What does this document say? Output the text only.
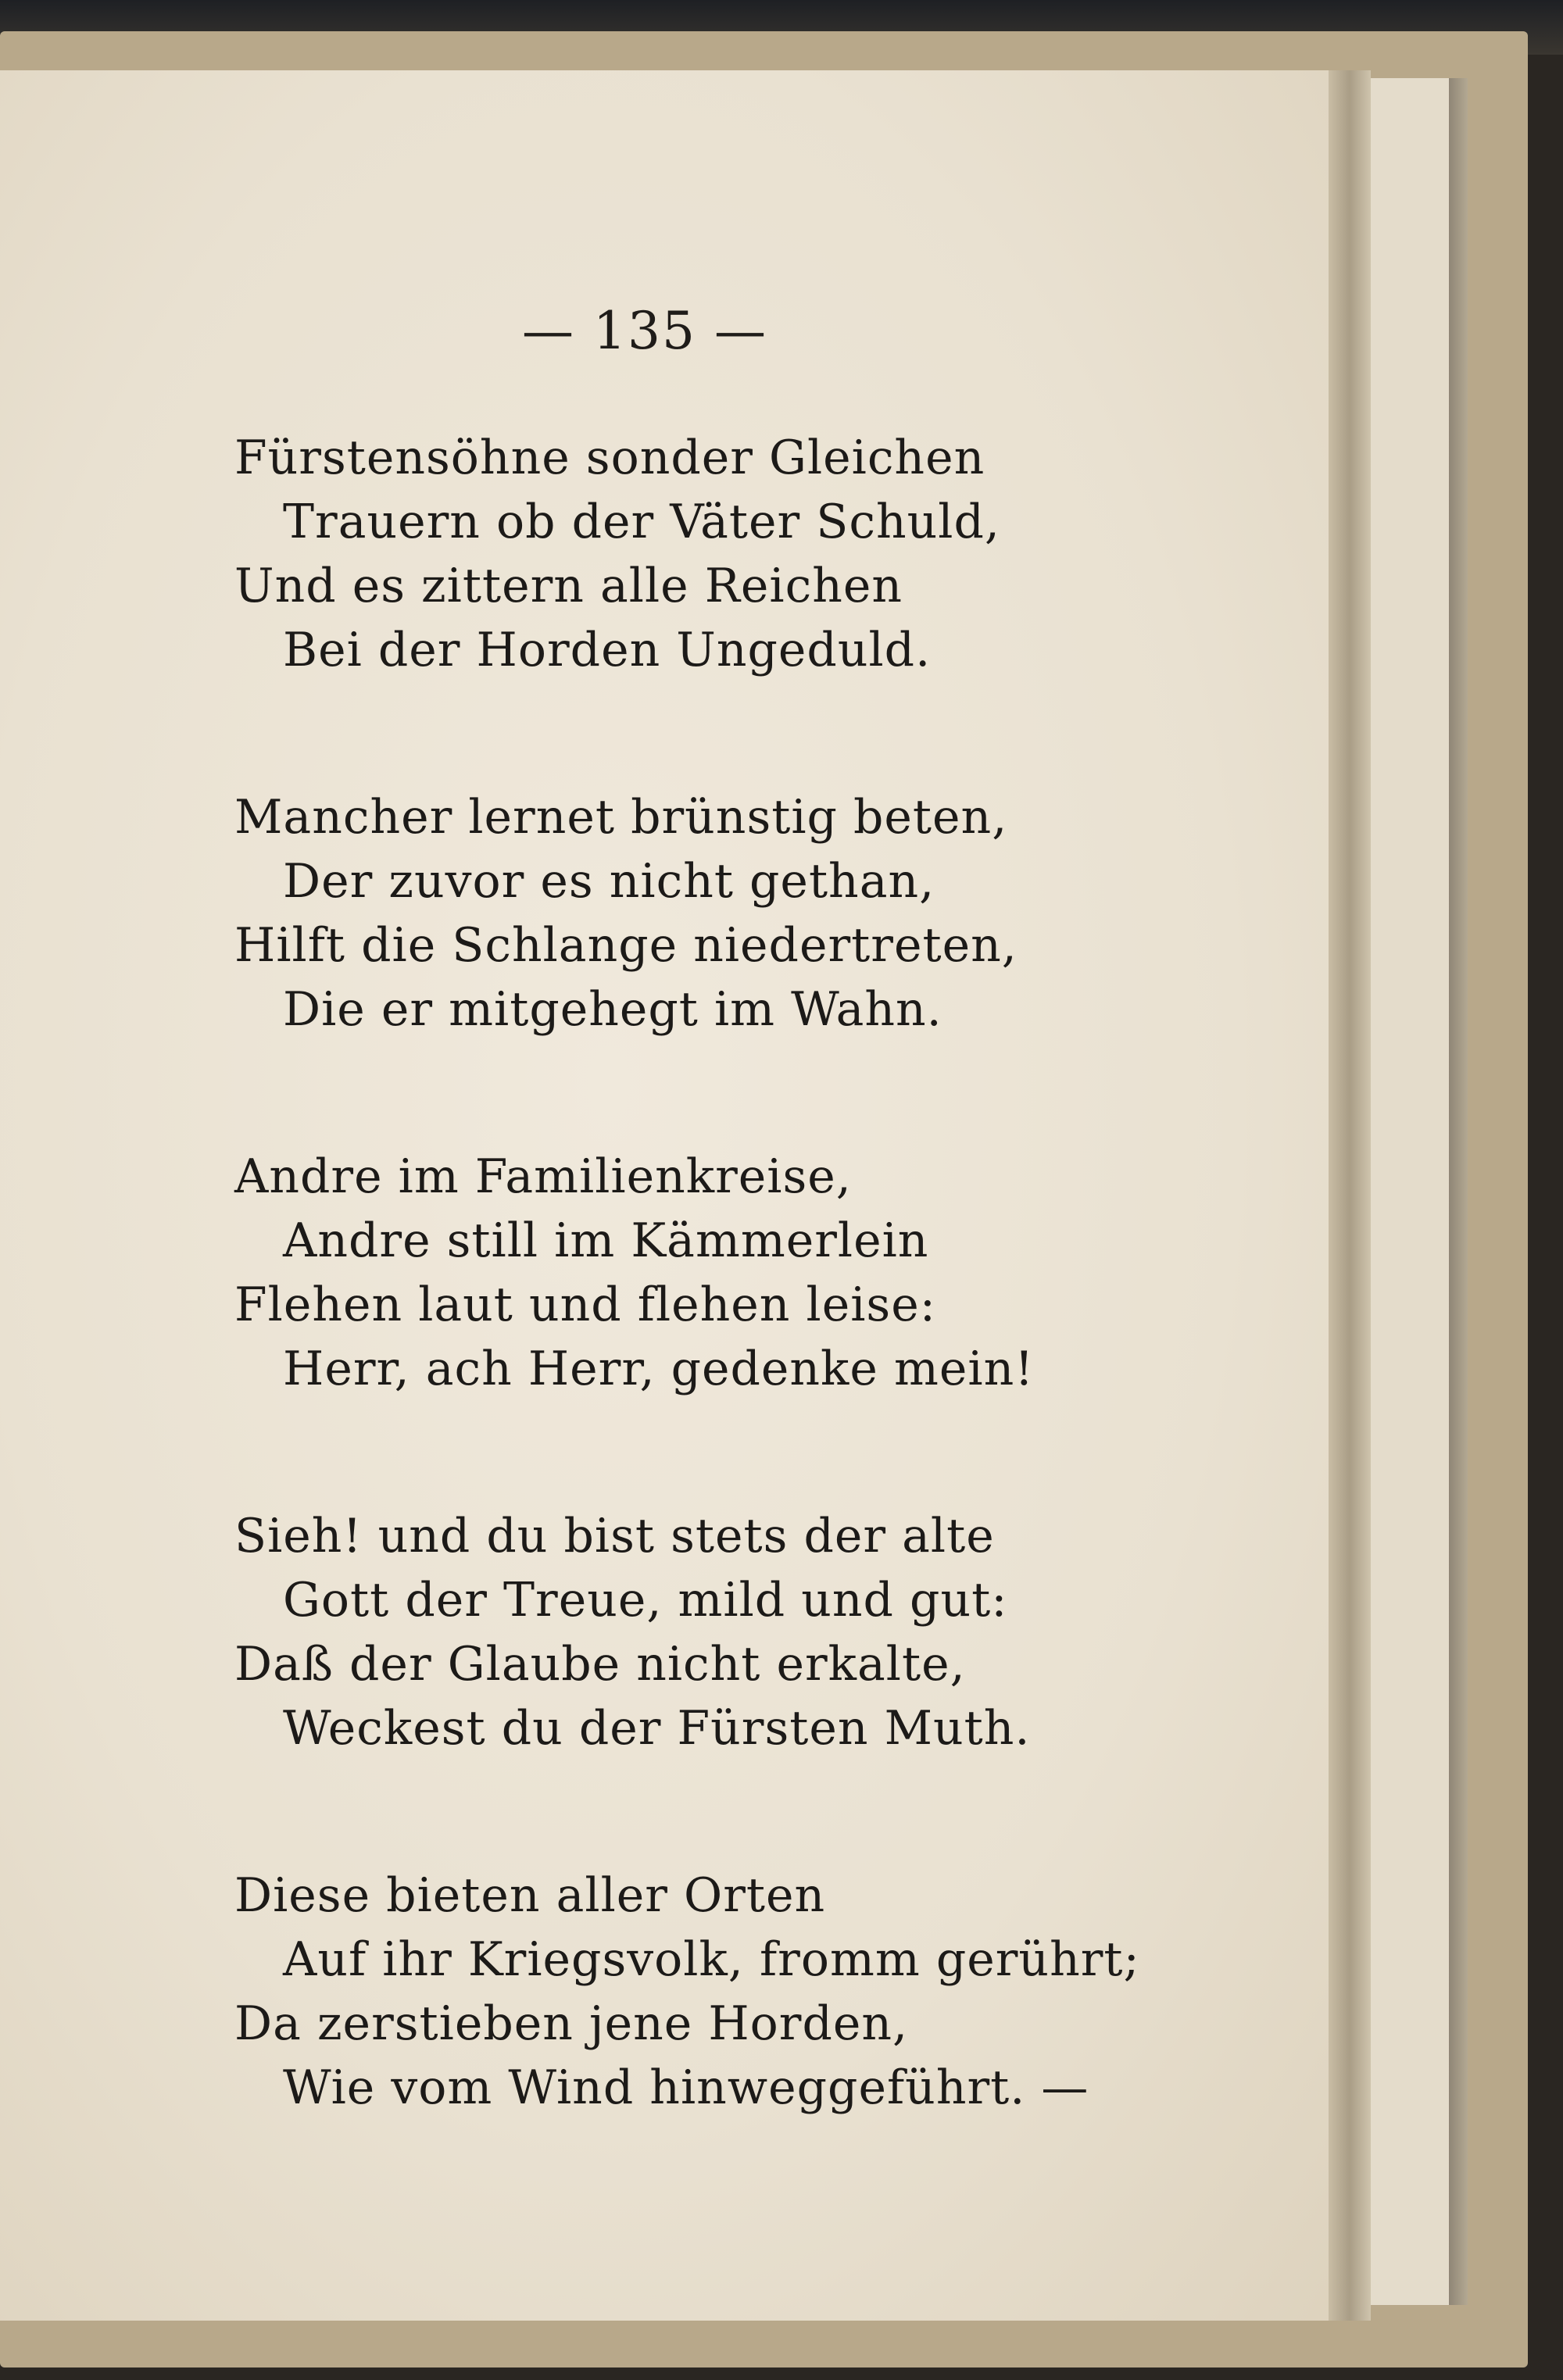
— 135 —
Fürstensöhne sonder Gleichen
Trauern ob der Väter Schuld,
Und es zittern alle Reichen
Bei der Horden Ungeduld.
Mancher lernet brünstig beten,
Der zuvor es nicht gethan,
Hilft die Schlange niedertreten,
Die er mitgehegt im Wahn.
Andre im Familienkreise,
Andre still im Kämmerlein
Flehen laut und flehen leise:
Herr, ach Herr, gedenke mein!
Sieh! und du bist stets der alte
Gott der Treue, mild und gut:
Daß der Glaube nicht erkalte,
Weckest du der Fürsten Muth.
Diese bieten aller Orten
Auf ihr Kriegsvolk, fromm gerührt;
Da zerstieben jene Horden,
Wie vom Wind hinweggeführt. —
